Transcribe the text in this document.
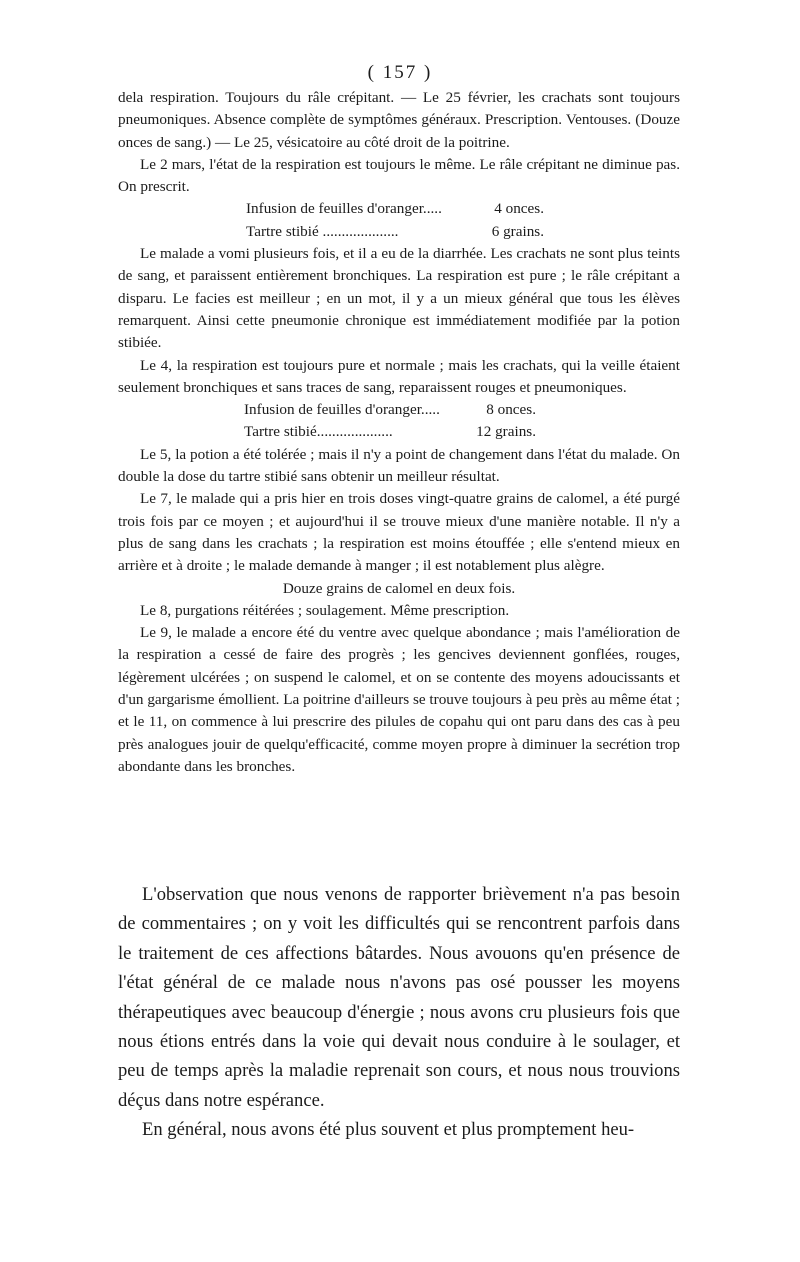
( 157 )

dela respiration. Toujours du râle crépitant. — Le 25 février, les crachats sont toujours pneumoniques. Absence complète de symptômes généraux. Prescription. Ventouses. (Douze onces de sang.) — Le 25, vésicatoire au côté droit de la poitrine.

Le 2 mars, l'état de la respiration est toujours le même. Le râle crépitant ne diminue pas. On prescrit.

Infusion de feuilles d'oranger.....	4 onces.
Tartre stibié ....................	6 grains.

Le malade a vomi plusieurs fois, et il a eu de la diarrhée. Les crachats ne sont plus teints de sang, et paraissent entièrement bronchiques. La respiration est pure ; le râle crépitant a disparu. Le facies est meilleur ; en un mot, il y a un mieux général que tous les élèves remarquent. Ainsi cette pneumonie chronique est immédiatement modifiée par la potion stibiée.

Le 4, la respiration est toujours pure et normale ; mais les crachats, qui la veille étaient seulement bronchiques et sans traces de sang, reparaissent rouges et pneumoniques.

Infusion de feuilles d'oranger.....	8 onces.
Tartre stibié....................	12 grains.

Le 5, la potion a été tolérée ; mais il n'y a point de changement dans l'état du malade. On double la dose du tartre stibié sans obtenir un meilleur résultat.

Le 7, le malade qui a pris hier en trois doses vingt-quatre grains de calomel, a été purgé trois fois par ce moyen ; et aujourd'hui il se trouve mieux d'une manière notable. Il n'y a plus de sang dans les crachats ; la respiration est moins étouffée ; elle s'entend mieux en arrière et à droite ; le malade demande à manger ; il est notablement plus alègre.

Douze grains de calomel en deux fois.

Le 8, purgations réitérées ; soulagement. Même prescription.

Le 9, le malade a encore été du ventre avec quelque abondance ; mais l'amélioration de la respiration a cessé de faire des progrès ; les gencives deviennent gonflées, rouges, légèrement ulcérées ; on suspend le calomel, et on se contente des moyens adoucissants et d'un gargarisme émollient. La poitrine d'ailleurs se trouve toujours à peu près au même état ; et le 11, on commence à lui prescrire des pilules de copahu qui ont paru dans des cas à peu près analogues jouir de quelqu'efficacité, comme moyen propre à diminuer la secrétion trop abondante dans les bronches.

L'observation que nous venons de rapporter brièvement n'a pas besoin de commentaires ; on y voit les difficultés qui se rencontrent parfois dans le traitement de ces affections bâtardes. Nous avouons qu'en présence de l'état général de ce malade nous n'avons pas osé pousser les moyens thérapeutiques avec beaucoup d'énergie ; nous avons cru plusieurs fois que nous étions entrés dans la voie qui devait nous conduire à le soulager, et peu de temps après la maladie reprenait son cours, et nous nous trouvions déçus dans notre espérance.

En général, nous avons été plus souvent et plus promptement heu-
